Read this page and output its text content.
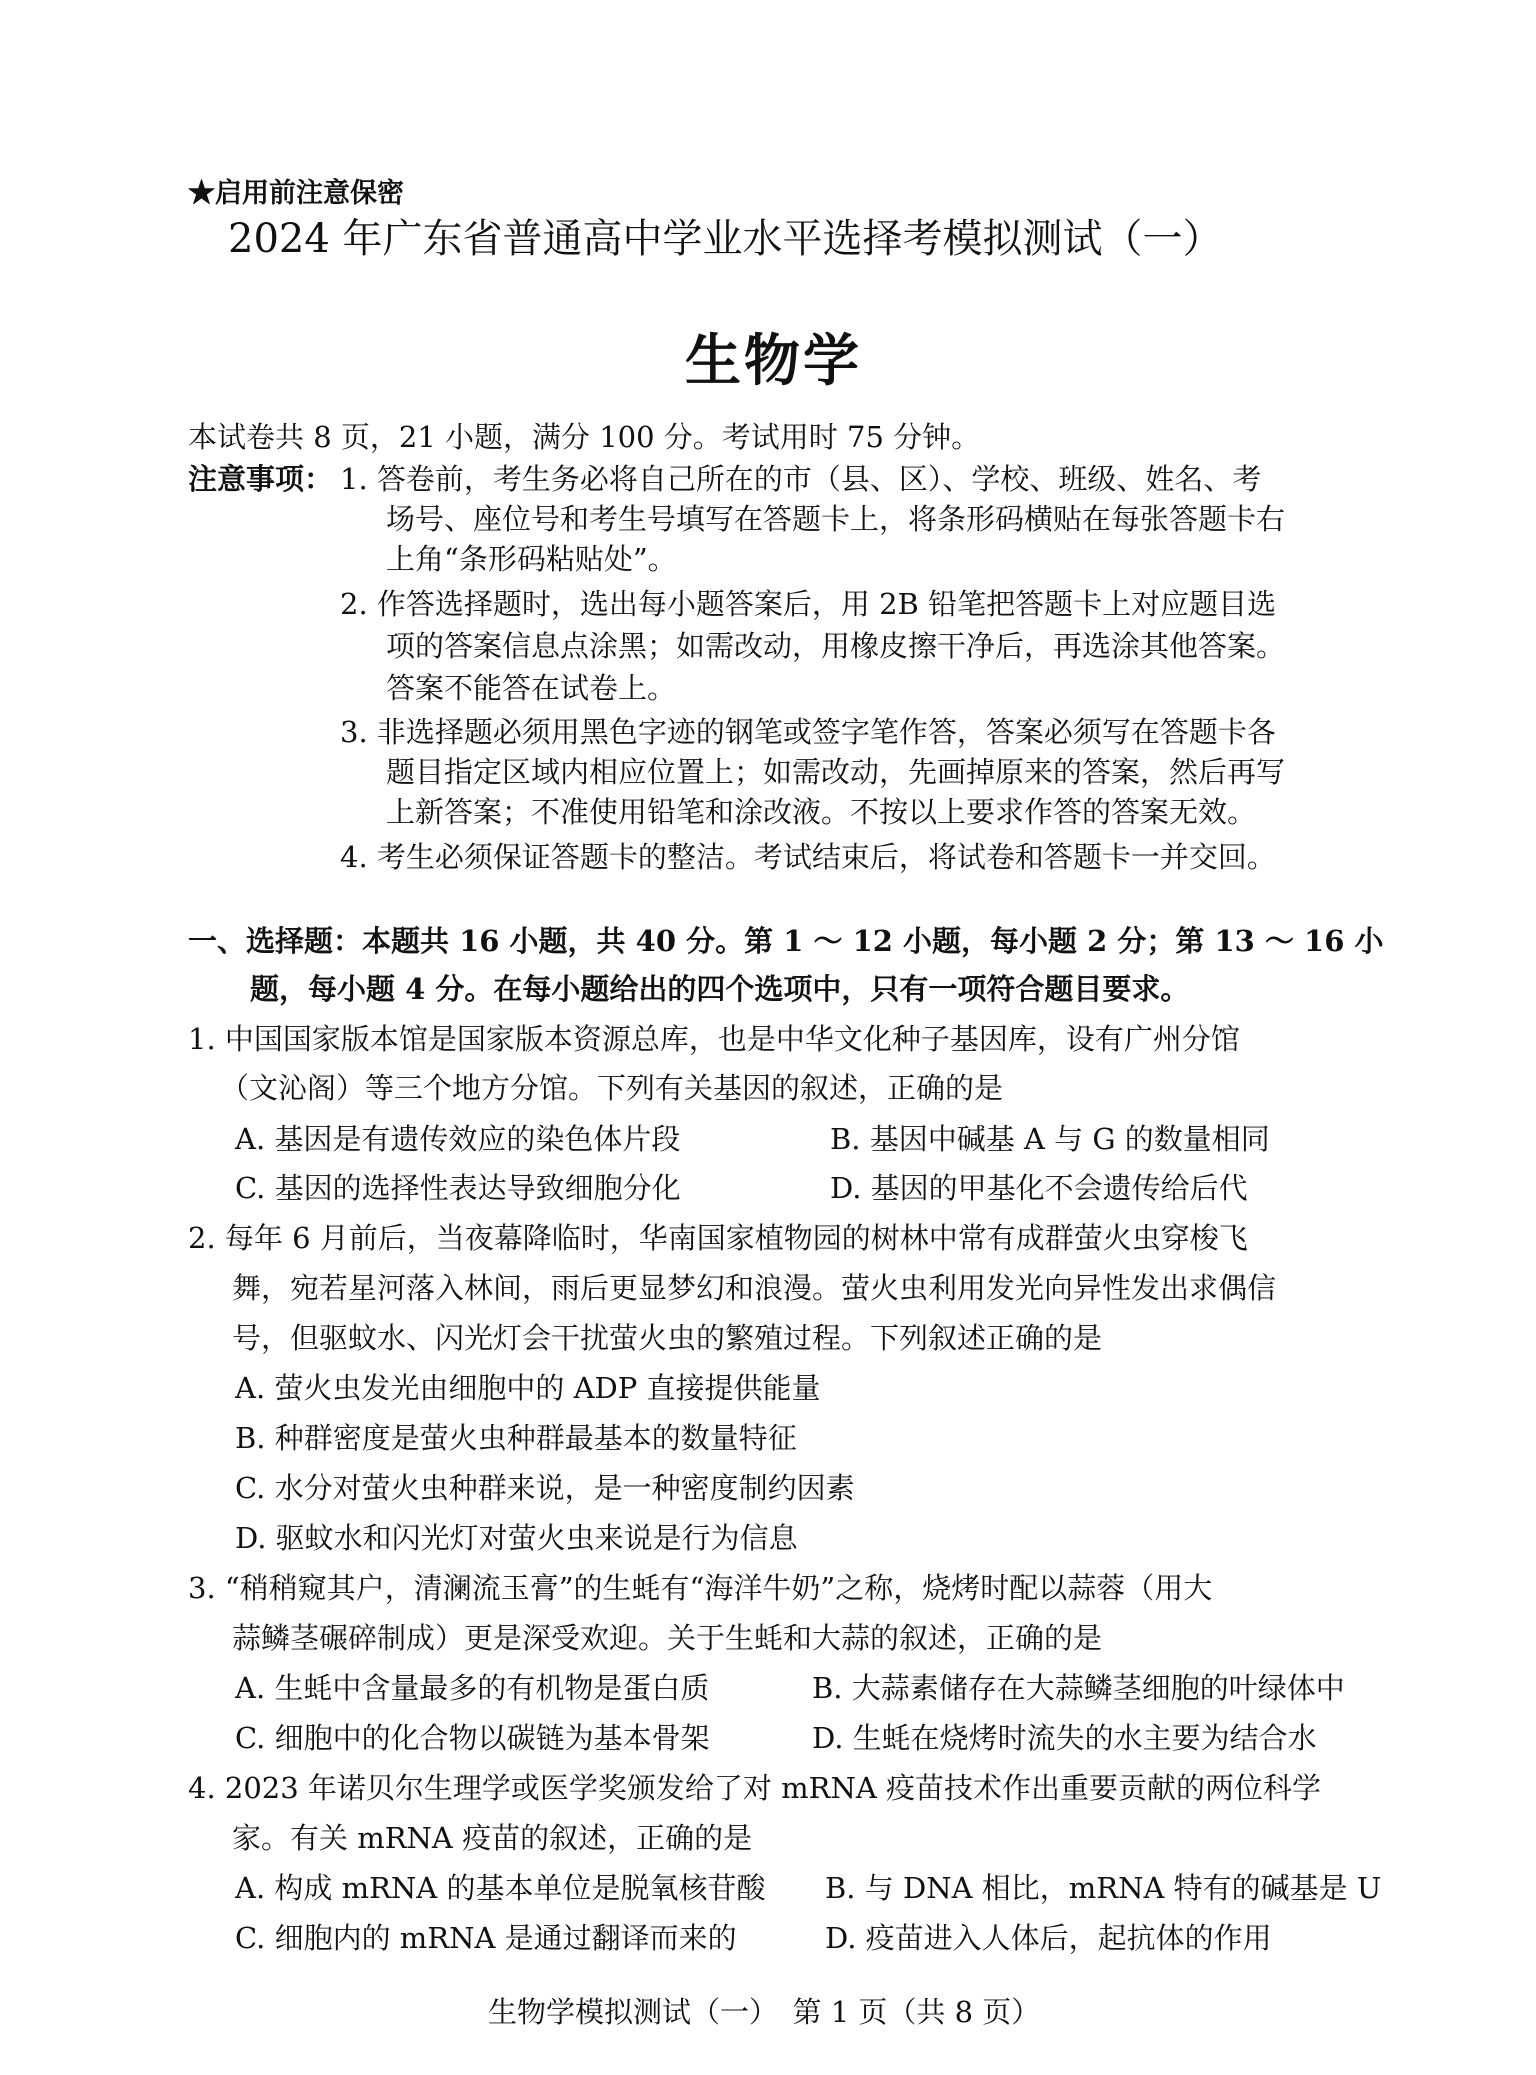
★启用前注意保密
2024 年广东省普通高中学业水平选择考模拟测试（一）
生物学
本试卷共 8 页，21 小题，满分 100 分。考试用时 75 分钟。
注意事项： 1. 答卷前，考生务必将自己所在的市（县、区）、学校、班级、姓名、考
场号、座位号和考生号填写在答题卡上，将条形码横贴在每张答题卡右
上角“条形码粘贴处”。
2. 作答选择题时，选出每小题答案后，用 2B 铅笔把答题卡上对应题目选
项的答案信息点涂黑；如需改动，用橡皮擦干净后，再选涂其他答案。
答案不能答在试卷上。
3. 非选择题必须用黑色字迹的钢笔或签字笔作答，答案必须写在答题卡各
题目指定区域内相应位置上；如需改动，先画掉原来的答案，然后再写
上新答案；不准使用铅笔和涂改液。不按以上要求作答的答案无效。
4. 考生必须保证答题卡的整洁。考试结束后，将试卷和答题卡一并交回。
一、选择题：本题共 16 小题，共 40 分。第 1 ～ 12 小题，每小题 2 分；第 13 ～ 16 小
题，每小题 4 分。在每小题给出的四个选项中，只有一项符合题目要求。
1. 中国国家版本馆是国家版本资源总库，也是中华文化种子基因库，设有广州分馆
（文沁阁）等三个地方分馆。下列有关基因的叙述，正确的是
A. 基因是有遗传效应的染色体片段	B. 基因中碱基 A 与 G 的数量相同
C. 基因的选择性表达导致细胞分化	D. 基因的甲基化不会遗传给后代
2. 每年 6 月前后，当夜幕降临时，华南国家植物园的树林中常有成群萤火虫穿梭飞
舞，宛若星河落入林间，雨后更显梦幻和浪漫。萤火虫利用发光向异性发出求偶信
号，但驱蚊水、闪光灯会干扰萤火虫的繁殖过程。下列叙述正确的是
A. 萤火虫发光由细胞中的 ADP 直接提供能量
B. 种群密度是萤火虫种群最基本的数量特征
C. 水分对萤火虫种群来说，是一种密度制约因素
D. 驱蚊水和闪光灯对萤火虫来说是行为信息
3. “稍稍窥其户，清澜流玉膏”的生蚝有“海洋牛奶”之称，烧烤时配以蒜蓉（用大
蒜鳞茎碾碎制成）更是深受欢迎。关于生蚝和大蒜的叙述，正确的是
A. 生蚝中含量最多的有机物是蛋白质	B. 大蒜素储存在大蒜鳞茎细胞的叶绿体中
C. 细胞中的化合物以碳链为基本骨架	D. 生蚝在烧烤时流失的水主要为结合水
4. 2023 年诺贝尔生理学或医学奖颁发给了对 mRNA 疫苗技术作出重要贡献的两位科学
家。有关 mRNA 疫苗的叙述，正确的是
A. 构成 mRNA 的基本单位是脱氧核苷酸 B. 与 DNA 相比，mRNA 特有的碱基是 U
C. 细胞内的 mRNA 是通过翻译而来的	D. 疫苗进入人体后，起抗体的作用
生物学模拟测试（一）　第 1 页（共 8 页）
